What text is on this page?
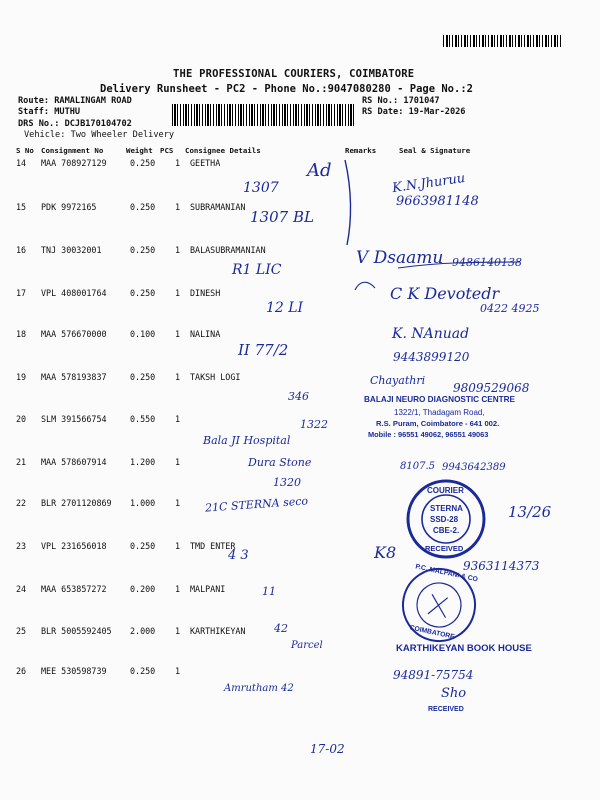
THE PROFESSIONAL COURIERS, COIMBATORE
Delivery Runsheet - PC2 - Phone No.:9047080280 - Page No.:2
Route: RAMALINGAM ROAD
Staff: MUTHU
DRS No.: DCJB170104702
Vehicle: Two Wheeler Delivery
RS No.: 1701047
RS Date: 19-Mar-2026
S No Consignment No	Weight PCS Consignee Details	Remarks	Seal & Signature
14 MAA 708927129	0.250 1 GEETHA
15 PDK 9972165	0.250 1 SUBRAMANIAN
16 TNJ 30032001	0.250 1 BALASUBRAMANIAN
17 VPL 408001764	0.250 1 DINESH
18 MAA 576670000	0.100 1 NALINA
19 MAA 578193837	0.250 1 TAKSH LOGI
20 SLM 391566754	0.550 1
21 MAA 578607914	1.200 1
22 BLR 2701120869 1.000 1
23 VPL 231656018	0.250 1 TMD ENTER
24 MAA 653857272	0.200 1 MALPANI
25 BLR 5005592405 2.000 1 KARTHIKEYAN
26 MEE 530598739	0.250 1
Ad
1307
1307 BL
K.N.Jhuruu
9663981148
R1 LIC
V Dsaamu 9486140138
12 LI
C K Devotedr
0422 4925
II 77/2
K. NAnuad
9443899120
346
Chayathri
9809529068
1322
Bala JI Hospital
Dura Stone	8107.5 9943642389
1320
21C STERNA seco	13/26
4 3	K8
9363114373
11
42
Parcel
Amrutham 42
94891-75754
Sho
17-02
BALAJI NEURO DIAGNOSTIC CENTRE
1322/1, Thadagam Road,
R.S. Puram, Coimbatore - 641 002.
Mobile : 96551 49062, 96551 49063
COURIER
STERNA
SSD-28
CBE-2.
RECEIVED
P.C. MALPANI & CO
COIMBATORE
KARTHIKEYAN BOOK HOUSE
RECEIVED
